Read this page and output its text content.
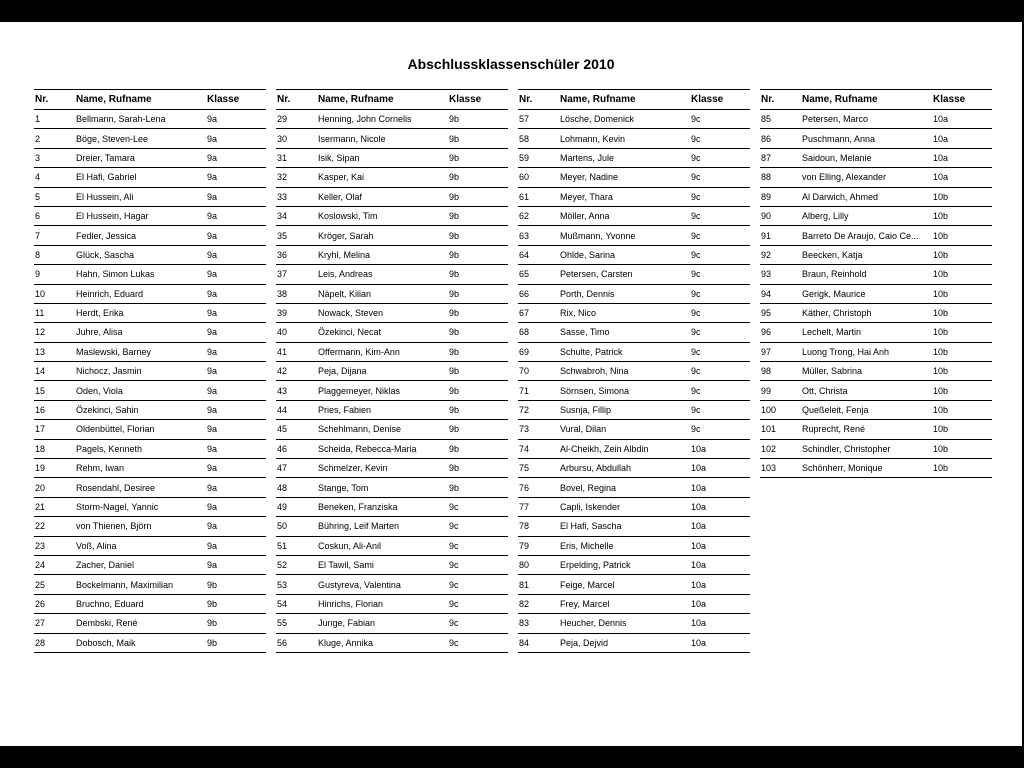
Abschlussklassenschüler 2010
Nr.	Name, Rufname	Klasse
1	Bellmann, Sarah-Lena	9a
2	Böge, Steven-Lee	9a
3	Dreier, Tamara	9a
4	El Hafi, Gabriel	9a
5	El Hussein, Ali	9a
6	El Hussein, Hagar	9a
7	Fedler, Jessica	9a
8	Glück, Sascha	9a
9	Hahn, Simon Lukas	9a
10	Heinrich, Eduard	9a
11	Herdt, Erika	9a
12	Juhre, Alisa	9a
13	Maslewski, Barney	9a
14	Nichocz, Jasmin	9a
15	Oden, Viola	9a
16	Özekinci, Sahin	9a
17	Oldenbüttel, Florian	9a
18	Pagels, Kenneth	9a
19	Rehm, Iwan	9a
20	Rosendahl, Desiree	9a
21	Storm-Nagel, Yannic	9a
22	von Thienen, Björn	9a
23	Voß, Alina	9a
24	Zacher, Daniel	9a
25	Bockelmann, Maximilian	9b
26	Bruchno, Eduard	9b
27	Dembski, René	9b
28	Dobosch, Maik	9b
Nr.	Name, Rufname	Klasse
29	Henning, John Cornelis	9b
30	Isermann, Nicole	9b
31	Isik, Sipan	9b
32	Kasper, Kai	9b
33	Keller, Olaf	9b
34	Koslowski, Tim	9b
35	Kröger, Sarah	9b
36	Kryhl, Melina	9b
37	Leis, Andreas	9b
38	Näpelt, Kilian	9b
39	Nowack, Steven	9b
40	Özekinci, Necat	9b
41	Offermann, Kim-Ann	9b
42	Peja, Dijana	9b
43	Plaggemeyer, Niklas	9b
44	Pries, Fabien	9b
45	Schehlmann, Denise	9b
46	Scheida, Rebecca-Maria	9b
47	Schmelzer, Kevin	9b
48	Stange, Tom	9b
49	Beneken, Franziska	9c
50	Bühring, Leif Marten	9c
51	Coskun, Ali-Anil	9c
52	El Tawil, Sami	9c
53	Gustyreva, Valentina	9c
54	Hinrichs, Florian	9c
55	Junge, Fabian	9c
56	Kluge, Annika	9c
Nr.	Name, Rufname	Klasse
57	Lösche, Domenick	9c
58	Lohmann, Kevin	9c
59	Martens, Jule	9c
60	Meyer, Nadine	9c
61	Meyer, Thara	9c
62	Möller, Anna	9c
63	Mußmann, Yvonne	9c
64	Ohlde, Sarina	9c
65	Petersen, Carsten	9c
66	Porth, Dennis	9c
67	Rix, Nico	9c
68	Sasse, Timo	9c
69	Schulte, Patrick	9c
70	Schwabroh, Nina	9c
71	Sörnsen, Simona	9c
72	Susnja, Fillip	9c
73	Vural, Dilan	9c
74	Al-Cheikh, Zein Albdin	10a
75	Arbursu, Abdullah	10a
76	Bovel, Regina	10a
77	Capli, Iskender	10a
78	El Hafi, Sascha	10a
79	Eris, Michelle	10a
80	Erpelding, Patrick	10a
81	Feige, Marcel	10a
82	Frey, Marcel	10a
83	Heucher, Dennis	10a
84	Peja, Dejvid	10a
Nr.	Name, Rufname	Klasse
85	Petersen, Marco	10a
86	Puschmann, Anna	10a
87	Saidoun, Melanie	10a
88	von Elling, Alexander	10a
89	Al Darwich, Ahmed	10b
90	Alberg, Lilly	10b
91	Barreto De Araujo, Caio Ce...	10b
92	Beecken, Katja	10b
93	Braun, Reinhold	10b
94	Gerigk, Maurice	10b
95	Käther, Christoph	10b
96	Lechelt, Martin	10b
97	Luong Trong, Hai Anh	10b
98	Müller, Sabrina	10b
99	Ott, Christa	10b
100	Queßeleit, Fenja	10b
101	Ruprecht, René	10b
102	Schindler, Christopher	10b
103	Schönherr, Monique	10b
